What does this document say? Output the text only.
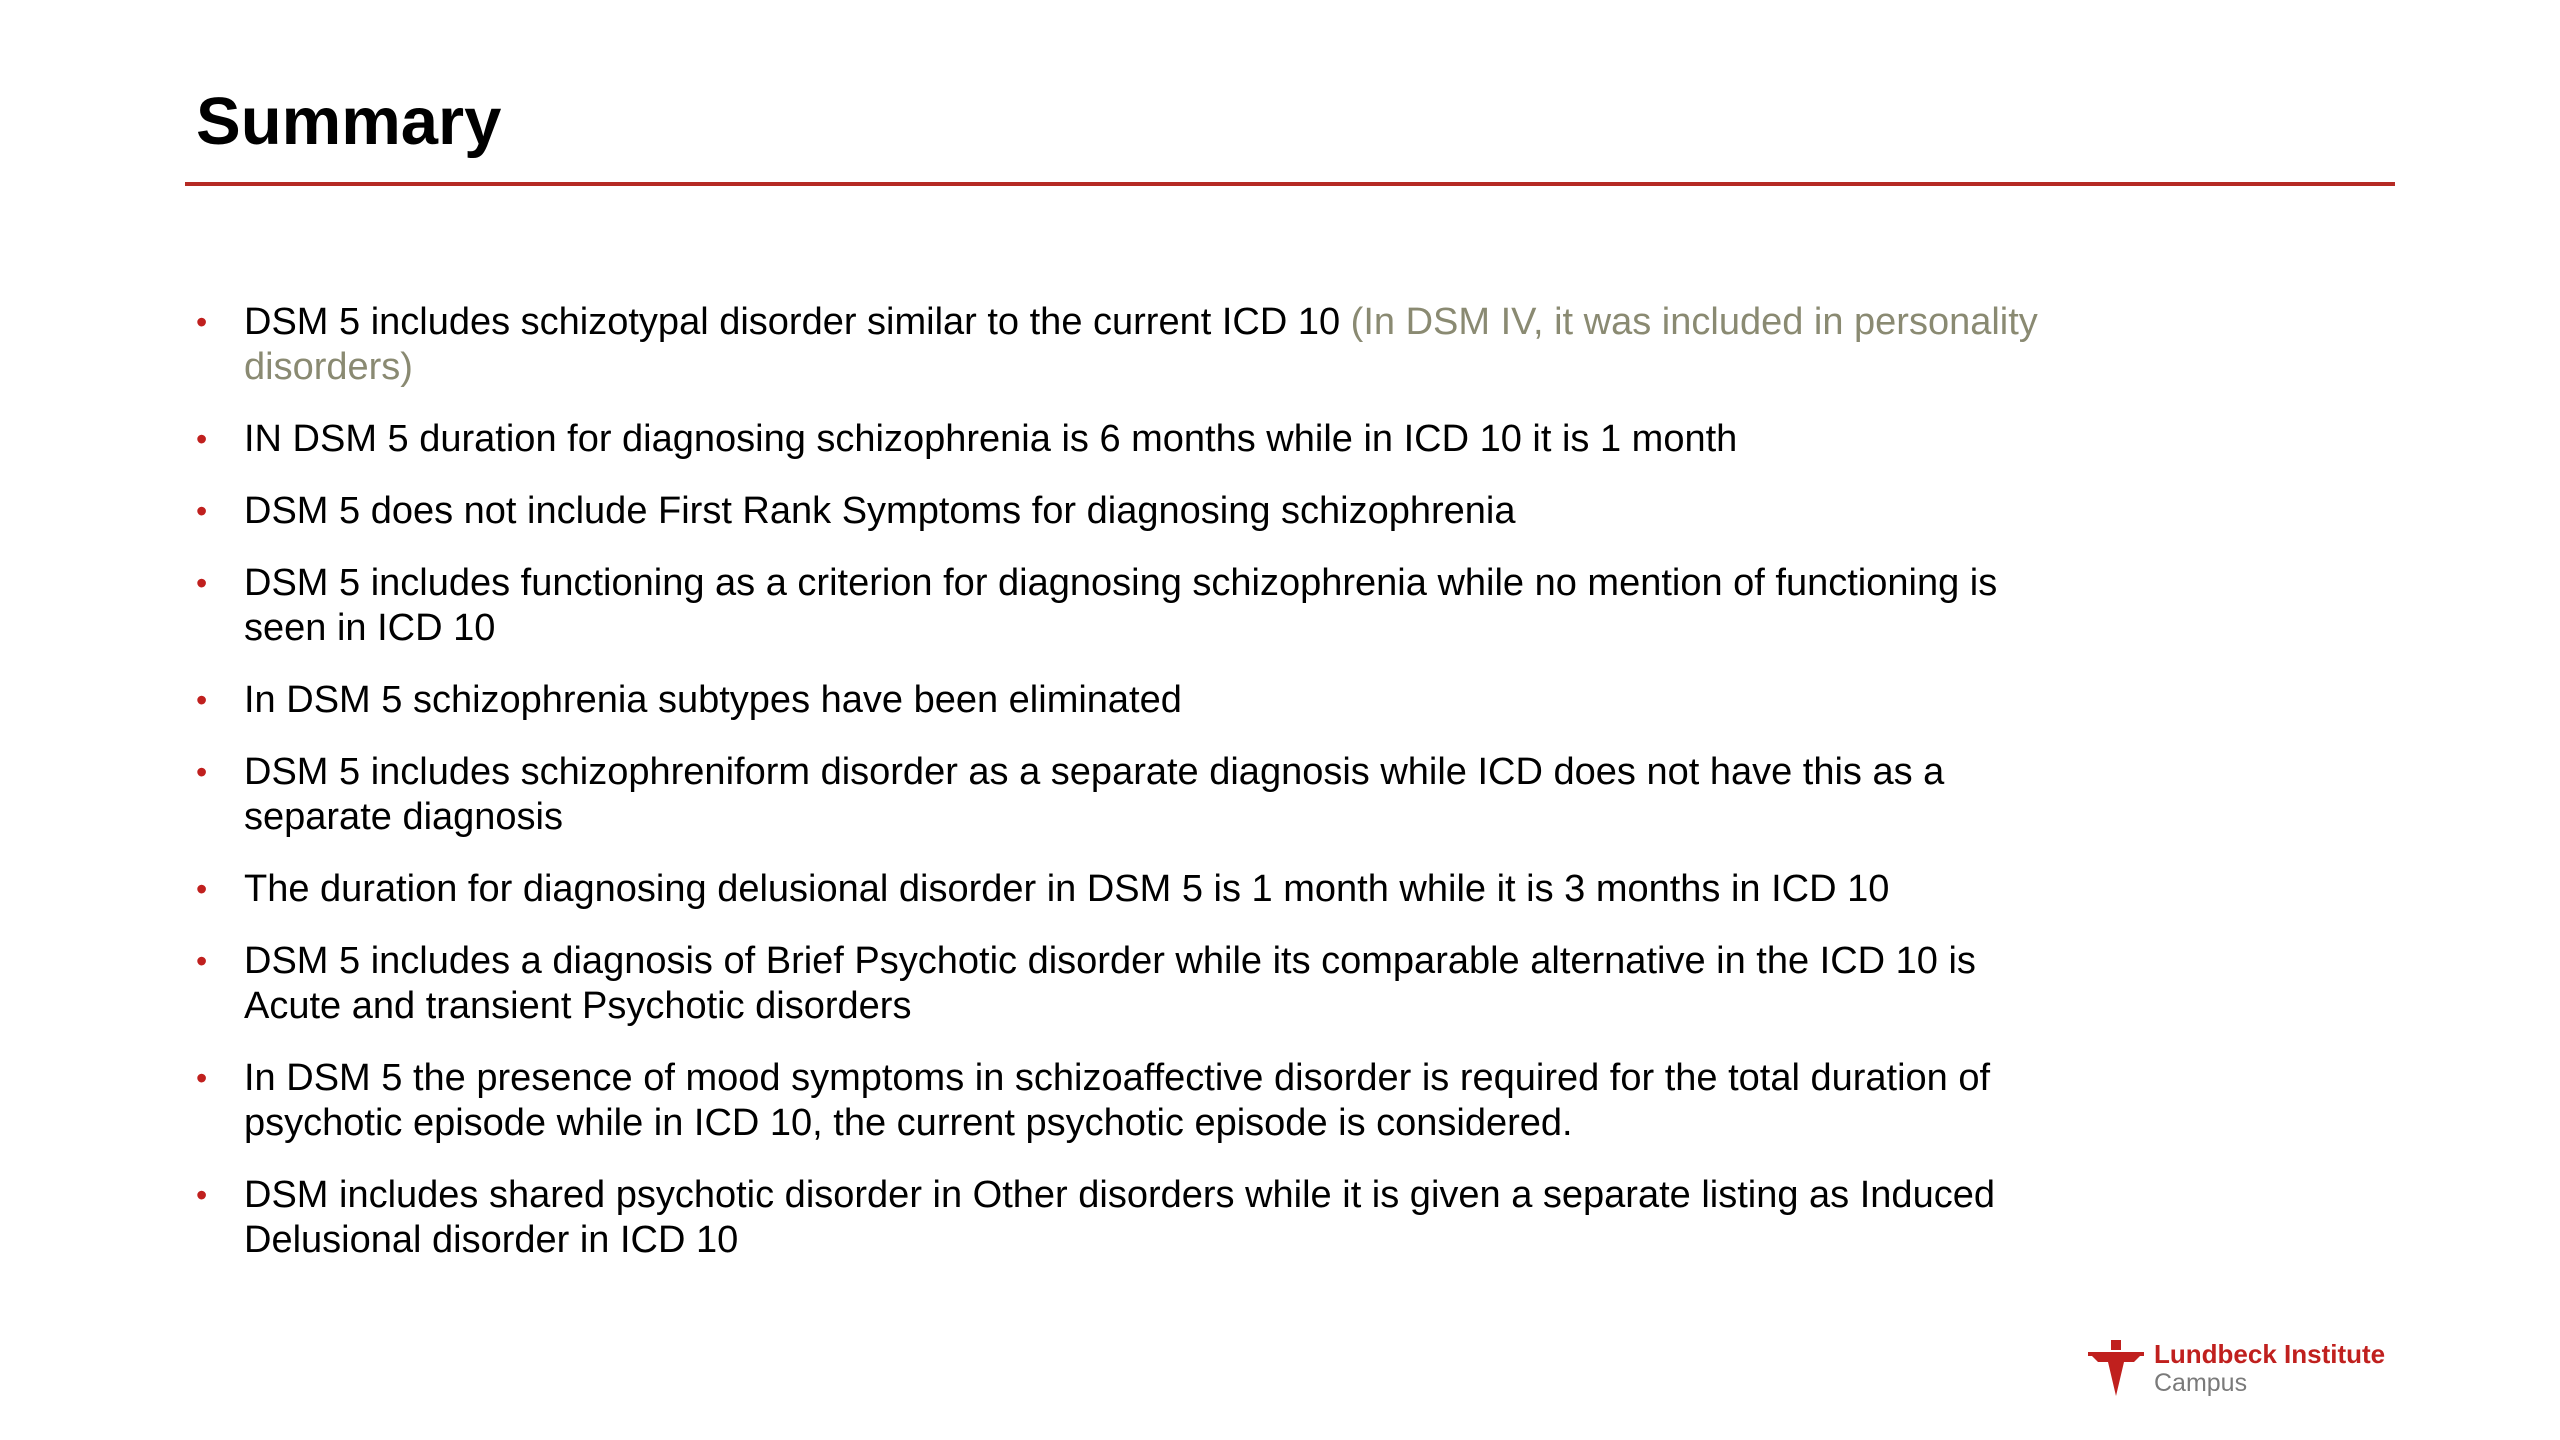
Summary
• DSM 5 includes schizotypal disorder similar to the current ICD 10 (In DSM IV, it was included in personality disorders)
• IN DSM 5 duration for diagnosing schizophrenia is 6 months while in ICD 10 it is 1 month
• DSM 5 does not include First Rank Symptoms for diagnosing schizophrenia
• DSM 5 includes functioning as a criterion for diagnosing schizophrenia while no mention of functioning is seen in ICD 10
• In DSM 5 schizophrenia subtypes have been eliminated
• DSM 5 includes schizophreniform disorder as a separate diagnosis while ICD does not have this as a separate diagnosis
• The duration for diagnosing delusional disorder in DSM 5 is 1 month while it is 3 months in ICD 10
• DSM 5 includes a diagnosis of Brief Psychotic disorder while its comparable alternative in the ICD 10 is Acute and transient Psychotic disorders
• In DSM 5 the presence of mood symptoms in schizoaffective disorder is required for the total duration of psychotic episode while in ICD 10, the current psychotic episode is considered.
• DSM includes shared psychotic disorder in Other disorders while it is given a separate listing as Induced Delusional disorder in ICD 10
Lundbeck Institute
Campus
